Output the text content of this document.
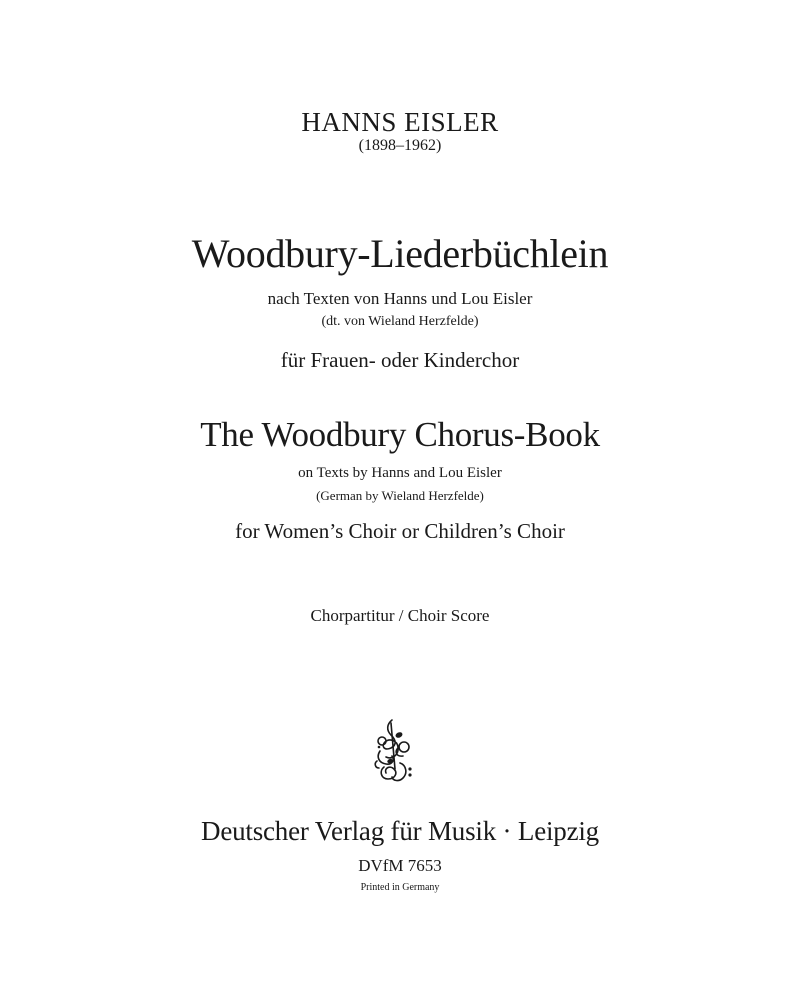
HANNS EISLER
(1898–1962)
Woodbury-Liederbüchlein
nach Texten von Hanns und Lou Eisler
(dt. von Wieland Herzfelde)
für Frauen- oder Kinderchor
The Woodbury Chorus-Book
on Texts by Hanns and Lou Eisler
(German by Wieland Herzfelde)
for Women’s Choir or Children’s Choir
Chorpartitur / Choir Score
Deutscher Verlag für Musik · Leipzig
DVfM 7653
Printed in Germany
